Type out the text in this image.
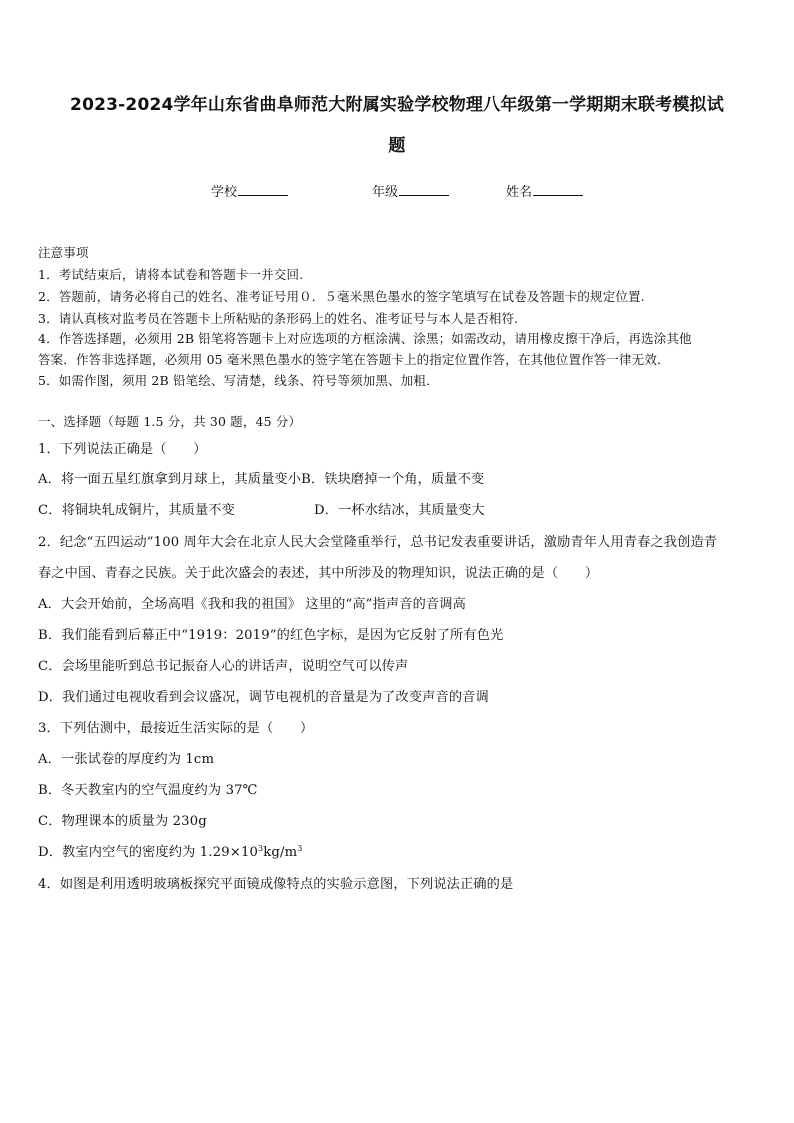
2023-2024学年山东省曲阜师范大附属实验学校物理八年级第一学期期末联考模拟试
题
学校	年级	姓名
注意事项
1．考试结束后，请将本试卷和答题卡一并交回.
2．答题前，请务必将自己的姓名、准考证号用０．５毫米黑色墨水的签字笔填写在试卷及答题卡的规定位置.
3．请认真核对监考员在答题卡上所粘贴的条形码上的姓名、准考证号与本人是否相符.
4．作答选择题，必须用 2B 铅笔将答题卡上对应选项的方框涂满、涂黑；如需改动，请用橡皮擦干净后，再选涂其他
答案．作答非选择题，必须用 05 毫米黑色墨水的签字笔在答题卡上的指定位置作答，在其他位置作答一律无效．
5．如需作图，须用 2B 铅笔绘、写清楚，线条、符号等须加黑、加粗．
一、选择题（每题 1.5 分，共 30 题，45 分）
1．下列说法正确是（　　）
A．将一面五星红旗拿到月球上，其质量变小B．铁块磨掉一个角，质量不变
C．将铜块轧成铜片，其质量不变	D．一杯水结冰，其质量变大
2．纪念“五四运动”100 周年大会在北京人民大会堂隆重举行，总书记发表重要讲话，激励青年人用青春之我创造青
春之中国、青春之民族。关于此次盛会的表述，其中所涉及的物理知识，说法正确的是（　　）
A．大会开始前，全场高唱《我和我的祖国》 这里的“高”指声音的音调高
B．我们能看到后幕正中“1919：2019”的红色字标，是因为它反射了所有色光
C．会场里能听到总书记振奋人心的讲话声，说明空气可以传声
D．我们通过电视收看到会议盛况，调节电视机的音量是为了改变声音的音调
3．下列估测中，最接近生活实际的是（　　）
A．一张试卷的厚度约为 1cm
B．冬天教室内的空气温度约为 37℃
C．物理课本的质量为 230g
D．教室内空气的密度约为 $1.29\times 10^3kg/m^3$
4．如图是利用透明玻璃板探究平面镜成像特点的实验示意图，下列说法正确的是
